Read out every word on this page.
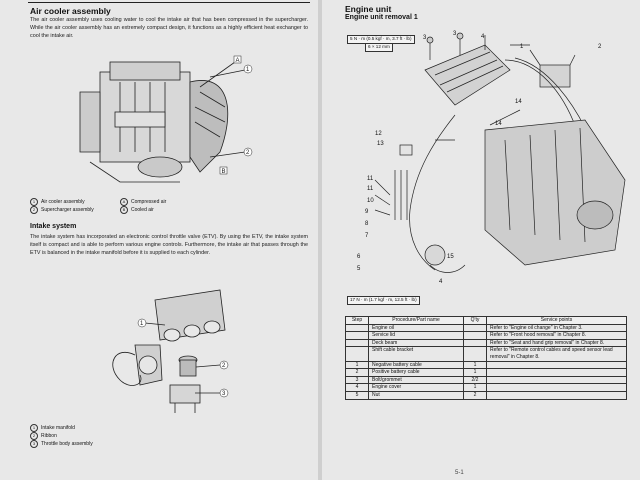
Air cooler assembly
The air cooler assembly uses cooling water to cool the intake air that has been compressed in the supercharger. While the air cooler assembly has an extremely compact design, it functions as a highly efficient heat exchanger to cool the intake air.
1
2
A
B
1 Air cooler assembly	A Compressed air
2 Supercharger assembly	B Cooled air
Intake system
The intake system has incorporated an electronic control throttle valve (ETV). By using the ETV, the intake system itself is compact and is able to perform various engine controls. Furthermore, the intake air that passes through the ETV is balanced in the intake manifold before it is supplied to each cylinder.
1
2
3
1	Intake manifold
2	Ribbon
3	Throttle body assembly
Engine unit
Engine unit removal 1
5 N · m (0.5 kgf · m, 3.7 ft · lb)
6 × 12 mm
3
3	4
1	2
14
14
12
13
11
11
10
9
8
7
6
5
15
4
17 N · m (1.7 kgf · m, 12.5 ft · lb)
Step	Procedure/Part name	Q'ty	Service points
	Engine oil		Refer to "Engine oil change" in Chapter 3.
	Service lid		Refer to "Front hood removal" in Chapter 8.
	Deck beam		Refer to "Seat and hand grip removal" in Chapter 8.
	Shift cable bracket		Refer to "Remote control cables and speed sensor lead removal" in Chapter 8.
1	Negative battery cable	1	
2	Positive battery cable	1	
3	Bolt/grommet	2/2	
4	Engine cover	1	
5	Nut	2	
5-1
